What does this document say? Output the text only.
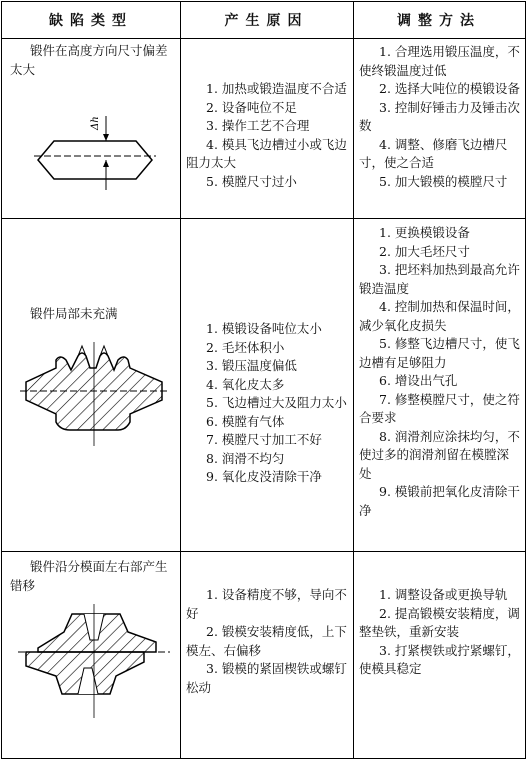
缺陷类型	产生原因	调整方法
锻件在高度方向尺寸偏差太大
Δh

1. 加热或锻造温度不合适

2. 设备吨位不足

3. 操作工艺不合理

4. 模具飞边槽过小或飞边阻力太大

5. 模膛尺寸过小

1. 合理选用锻压温度，不使终锻温度过低

2. 选择大吨位的模锻设备

3. 控制好锤击力及锤击次数

4. 调整、修磨飞边槽尺寸，使之合适

5. 加大锻模的模膛尺寸

锻件局部未充满

1. 模锻设备吨位太小

2. 毛坯体积小

3. 锻压温度偏低

4. 氧化皮太多

5. 飞边槽过大及阻力太小

6. 模膛有气体

7. 模膛尺寸加工不好

8. 润滑不均匀

9. 氧化皮没清除干净

1. 更换模锻设备

2. 加大毛坯尺寸

3. 把坯料加热到最高允许锻造温度

4. 控制加热和保温时间，减少氧化皮损失

5. 修整飞边槽尺寸，使飞边槽有足够阻力

6. 增设出气孔

7. 修整模膛尺寸，使之符合要求

8. 润滑剂应涂抹均匀，不使过多的润滑剂留在模膛深处

9. 模锻前把氧化皮清除干净

锻件沿分模面左右部产生错移

1. 设备精度不够，导向不好

2. 锻模安装精度低，上下模左、右偏移

3. 锻模的紧固楔铁或螺钉松动

1. 调整设备或更换导轨

2. 提高锻模安装精度，调整垫铁，重新安装

3. 打紧楔铁或拧紧螺钉，使模具稳定
